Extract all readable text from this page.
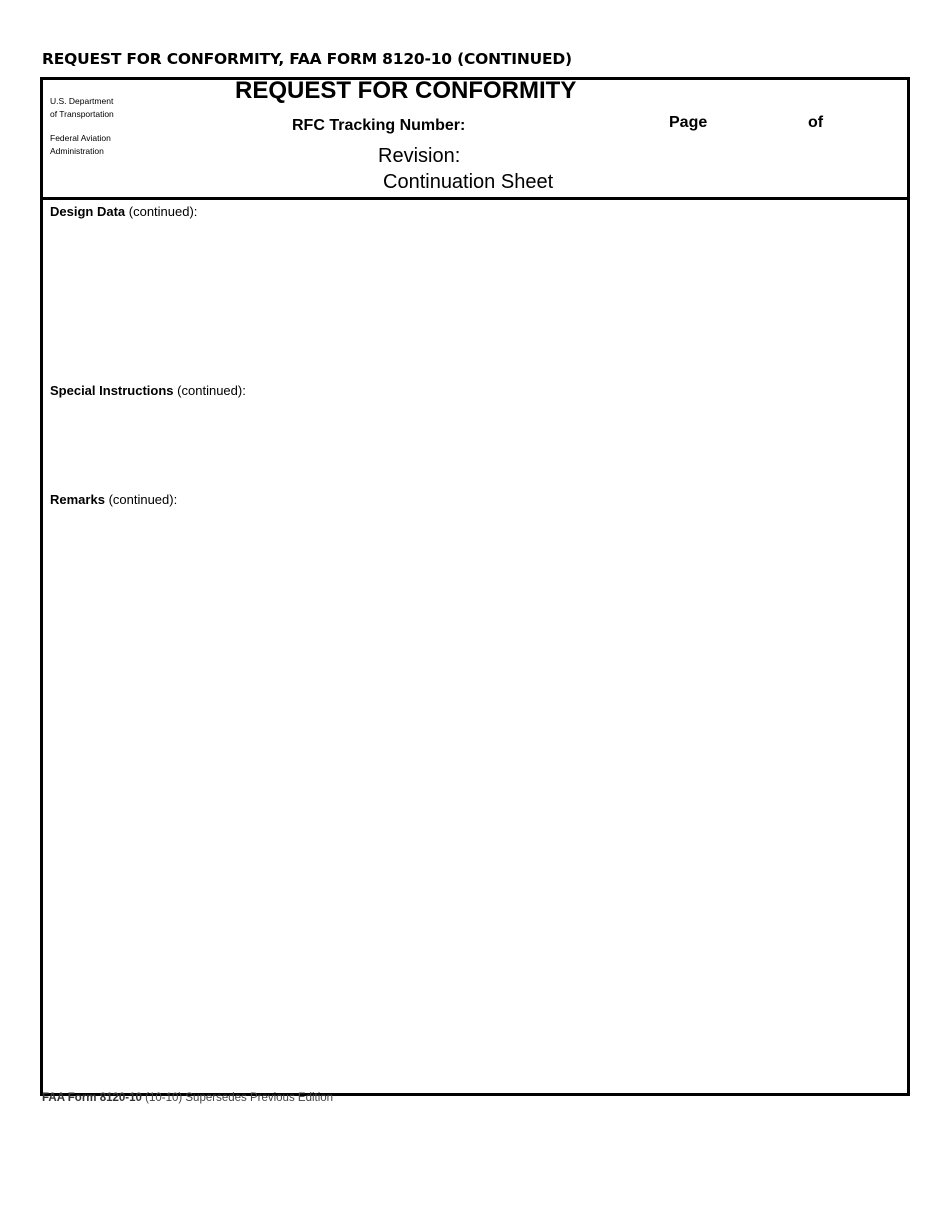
REQUEST FOR CONFORMITY, FAA FORM 8120-10 (CONTINUED)
U.S. Department
of Transportation
Federal Aviation
Administration
REQUEST FOR CONFORMITY
RFC Tracking Number:	Page	of
Revision:
Continuation Sheet
Design Data (continued):
Special Instructions (continued):
Remarks (continued):
FAA Form 8120-10 (10-10) Supersedes Previous Edition
